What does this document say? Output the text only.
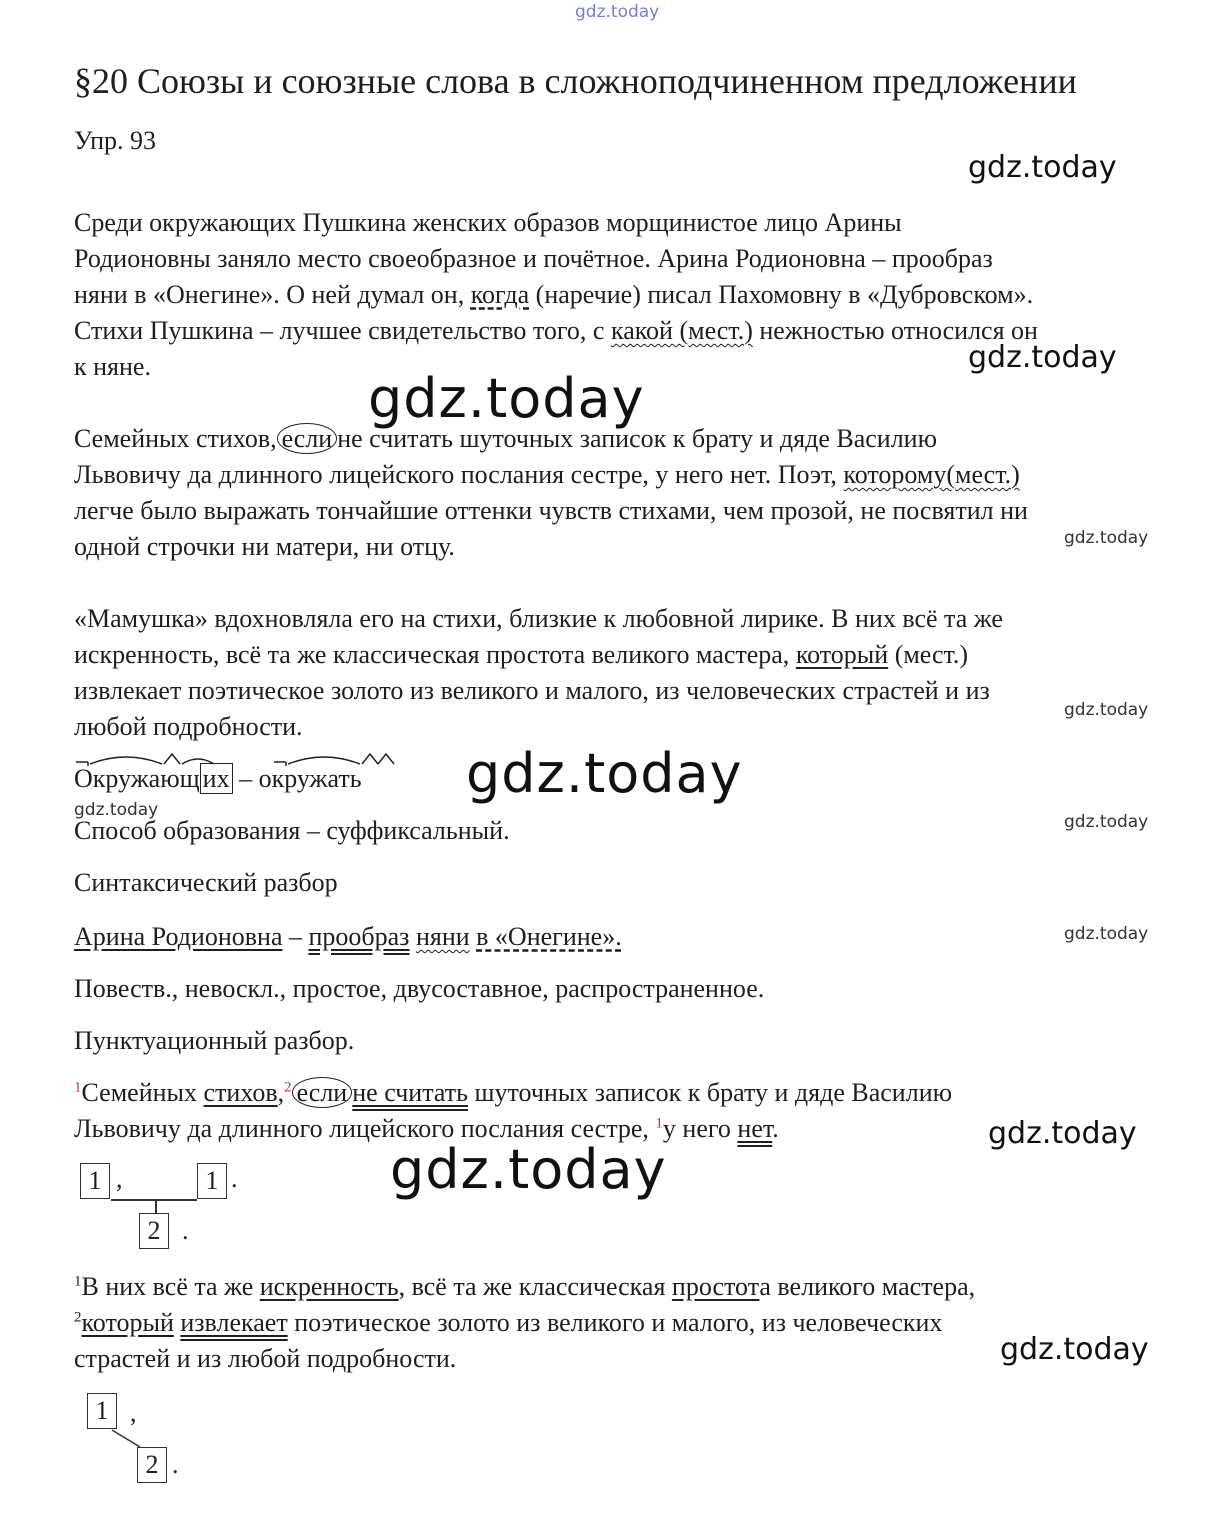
gdz.today
gdz.today
gdz.today
gdz.today
gdz.today
gdz.today
gdz.today
gdz.today
gdz.today
gdz.today
gdz.today
gdz.today
gdz.today
§20 Союзы и союзные слова в сложноподчиненном предложении
Упр. 93
Среди окружающих Пушкина женских образов морщинистое лицо Арины
Родионовны заняло место своеобразное и почётное. Арина Родионовна – прообраз
няни в «Онегине». О ней думал он, когда (наречие) писал Пахомовну в «Дубровском».
Стихи Пушкина – лучшее свидетельство того, с какой (мест.) нежностью относился он
к няне.
Семейных стихов, если не считать шуточных записок к брату и дяде Василию
Львовичу да длинного лицейского послания сестре, у него нет. Поэт, которому(мест.)
легче было выражать тончайшие оттенки чувств стихами, чем прозой, не посвятил ни
одной строчки ни матери, ни отцу.
«Мамушка» вдохновляла его на стихи, близкие к любовной лирике. В них всё та же
искренность, всё та же классическая простота великого мастера, который (мест.)
извлекает поэтическое золото из великого и малого, из человеческих страстей и из
любой подробности.
Окружающ их – окружать
Способ образования – суффиксальный.
Синтаксический разбор
Арина Родионовна – прообраз няни в «Онегине».
Повеств., невоскл., простое, двусоставное, распространенное.
Пунктуационный разбор.
$^1$Семейных стихов,$^2$ если не считать шуточных записок к брату и дяде Василию
Львовичу да длинного лицейского послания сестре, $^1$у него нет.
1 ,	1 .
2 .
$^1$В них всё та же искренность, всё та же классическая простота великого мастера,
$^2$который извлекает поэтическое золото из великого и малого, из человеческих
страстей и из любой подробности.
1 ,
2 .
